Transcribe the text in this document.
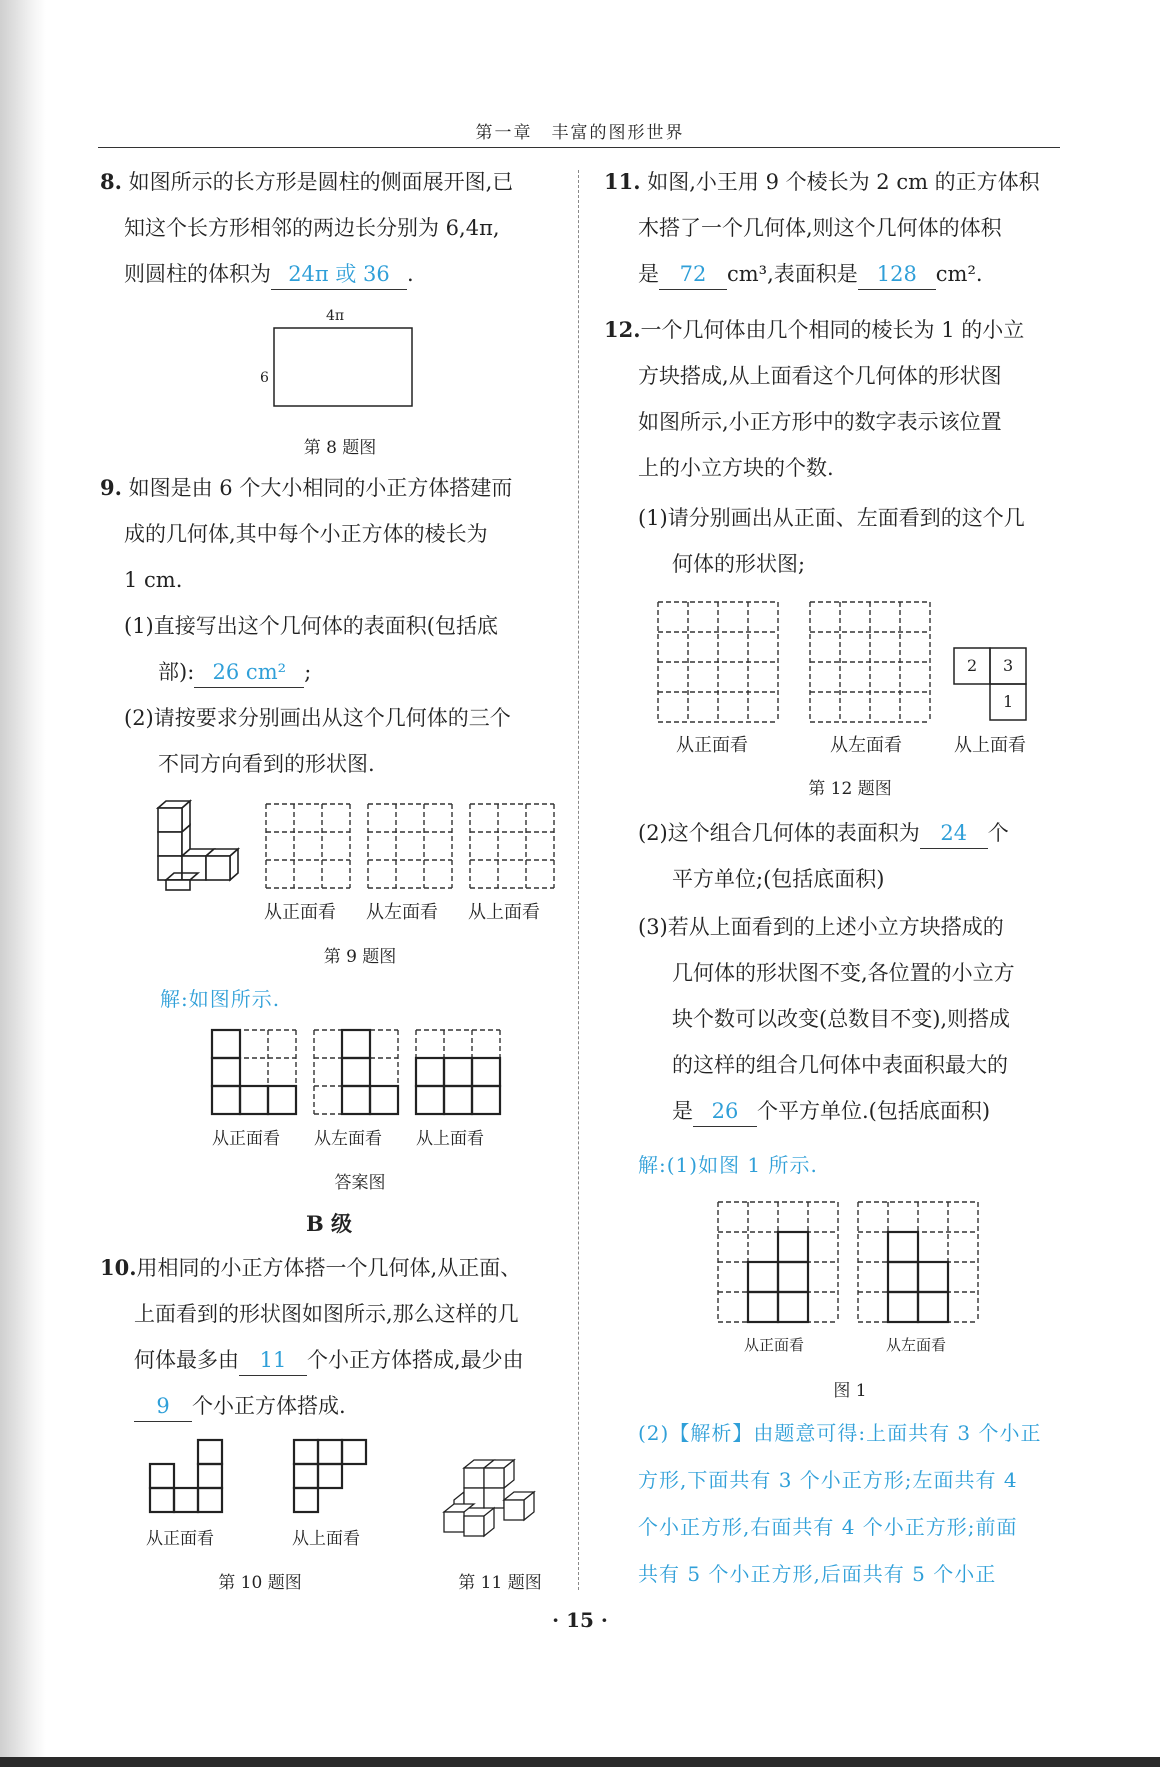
第一章　丰富的图形世界
8. 如图所示的长方形是圆柱的侧面展开图,已
知这个长方形相邻的两边长分别为 6,4π,
则圆柱的体积为 24π 或 36 .
4π
6
第 8 题图
9. 如图是由 6 个大小相同的小正方体搭建而
成的几何体,其中每个小正方体的棱长为
1 cm.
(1)直接写出这个几何体的表面积(包括底
部): 26 cm² ;
(2)请按要求分别画出从这个几何体的三个
不同方向看到的形状图.
从正面看 从左面看 从上面看
第 9 题图
解:如图所示.
从正面看 从左面看 从上面看
答案图
B 级
10.用相同的小正方体搭一个几何体,从正面、
上面看到的形状图如图所示,那么这样的几
何体最多由 11 个小正方体搭成,最少由
9 个小正方体搭成.
从正面看	从上面看
第 10 题图	第 11 题图
11. 如图,小王用 9 个棱长为 2 cm 的正方体积
木搭了一个几何体,则这个几何体的体积
是 72 cm³,表面积是 128 cm².
12.一个几何体由几个相同的棱长为 1 的小立
方块搭成,从上面看这个几何体的形状图
如图所示,小正方形中的数字表示该位置
上的小立方块的个数.
(1)请分别画出从正面、左面看到的这个几
何体的形状图;
2 3
1
从正面看	从左面看	从上面看
第 12 题图
(2)这个组合几何体的表面积为 24 个
平方单位;(包括底面积)
(3)若从上面看到的上述小立方块搭成的
几何体的形状图不变,各位置的小立方
块个数可以改变(总数目不变),则搭成
的这样的组合几何体中表面积最大的
是 26 个平方单位.(包括底面积)
解:(1)如图 1 所示.
从正面看	从左面看
图 1
(2)【解析】由题意可得:上面共有 3 个小正
方形,下面共有 3 个小正方形;左面共有 4
个小正方形,右面共有 4 个小正方形;前面
共有 5 个小正方形,后面共有 5 个小正
· 15 ·
